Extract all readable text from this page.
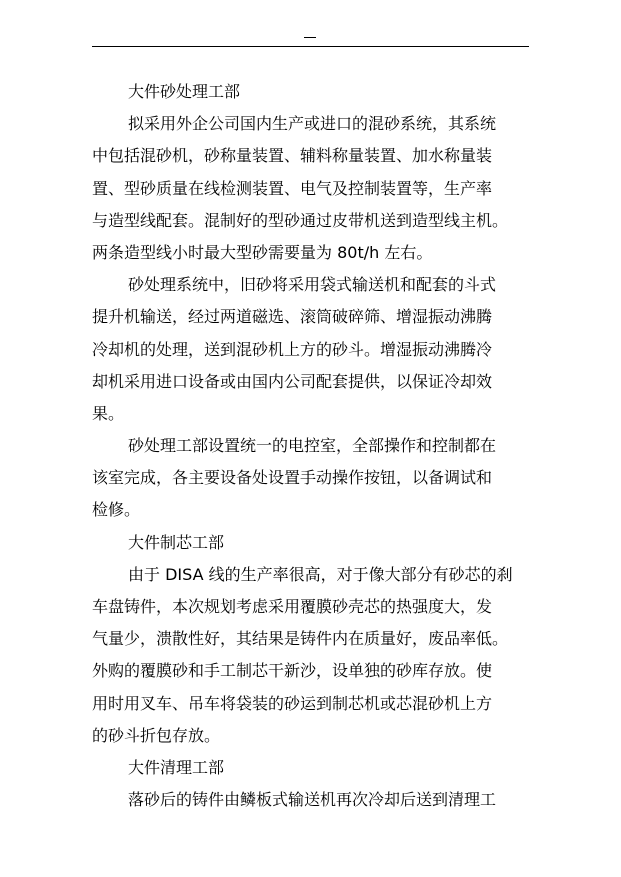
大件砂处理工部
拟采用外企公司国内生产或进口的混砂系统，其系统
中包括混砂机，砂称量装置、辅料称量装置、加水称量装
置、型砂质量在线检测装置、电气及控制装置等，生产率
与造型线配套。混制好的型砂通过皮带机送到造型线主机。
两条造型线小时最大型砂需要量为 80t/h 左右。
砂处理系统中，旧砂将采用袋式输送机和配套的斗式
提升机输送，经过两道磁选、滚筒破碎筛、增湿振动沸腾
冷却机的处理，送到混砂机上方的砂斗。增湿振动沸腾冷
却机采用进口设备或由国内公司配套提供，以保证冷却效
果。
砂处理工部设置统一的电控室，全部操作和控制都在
该室完成，各主要设备处设置手动操作按钮，以备调试和
检修。
大件制芯工部
由于 DISA 线的生产率很高，对于像大部分有砂芯的刹
车盘铸件，本次规划考虑采用覆膜砂壳芯的热强度大，发
气量少，溃散性好，其结果是铸件内在质量好，废品率低。
外购的覆膜砂和手工制芯干新沙，设单独的砂库存放。使
用时用叉车、吊车将袋装的砂运到制芯机或芯混砂机上方
的砂斗折包存放。
大件清理工部
落砂后的铸件由鳞板式输送机再次冷却后送到清理工
